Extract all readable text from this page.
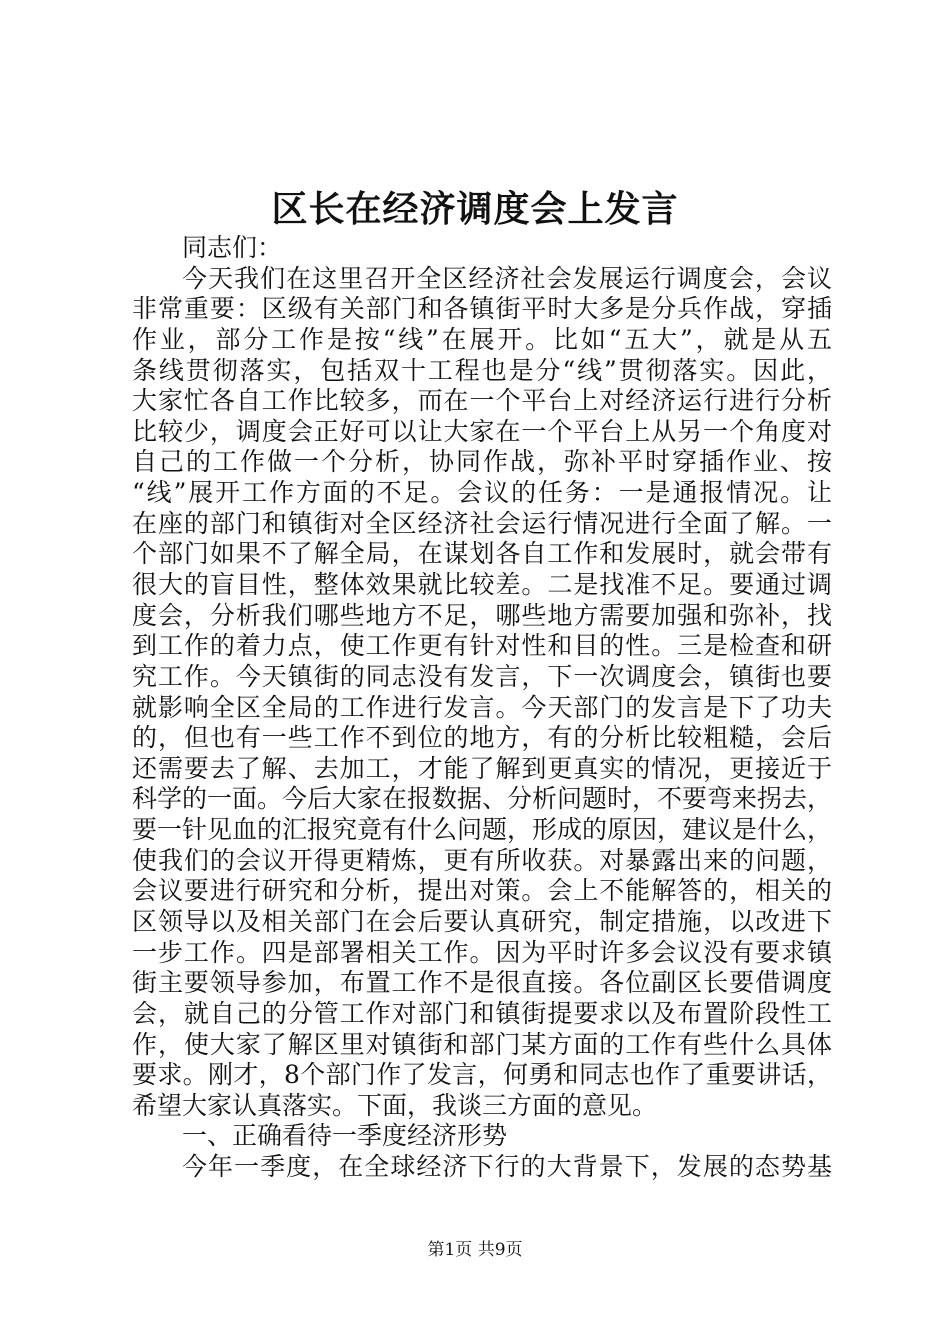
区长在经济调度会上发言
同志们：
今天我们在这里召开全区经济社会发展运行调度会，会议
非常重要：区级有关部门和各镇街平时大多是分兵作战，穿插
作业，部分工作是按“线”在展开。比如“五大”，就是从五
条线贯彻落实，包括双十工程也是分“线”贯彻落实。因此，
大家忙各自工作比较多，而在一个平台上对经济运行进行分析
比较少，调度会正好可以让大家在一个平台上从另一个角度对
自己的工作做一个分析，协同作战，弥补平时穿插作业、按
“线”展开工作方面的不足。会议的任务：一是通报情况。让
在座的部门和镇街对全区经济社会运行情况进行全面了解。一
个部门如果不了解全局，在谋划各自工作和发展时，就会带有
很大的盲目性，整体效果就比较差。二是找准不足。要通过调
度会，分析我们哪些地方不足，哪些地方需要加强和弥补，找
到工作的着力点，使工作更有针对性和目的性。三是检查和研
究工作。今天镇街的同志没有发言，下一次调度会，镇街也要
就影响全区全局的工作进行发言。今天部门的发言是下了功夫
的，但也有一些工作不到位的地方，有的分析比较粗糙，会后
还需要去了解、去加工，才能了解到更真实的情况，更接近于
科学的一面。今后大家在报数据、分析问题时，不要弯来拐去，
要一针见血的汇报究竟有什么问题，形成的原因，建议是什么，
使我们的会议开得更精炼，更有所收获。对暴露出来的问题，
会议要进行研究和分析，提出对策。会上不能解答的，相关的
区领导以及相关部门在会后要认真研究，制定措施，以改进下
一步工作。四是部署相关工作。因为平时许多会议没有要求镇
街主要领导参加，布置工作不是很直接。各位副区长要借调度
会，就自己的分管工作对部门和镇街提要求以及布置阶段性工
作，使大家了解区里对镇街和部门某方面的工作有些什么具体
要求。刚才，8个部门作了发言，何勇和同志也作了重要讲话，
希望大家认真落实。下面，我谈三方面的意见。
一、正确看待一季度经济形势
今年一季度，在全球经济下行的大背景下，发展的态势基
第1页 共9页
